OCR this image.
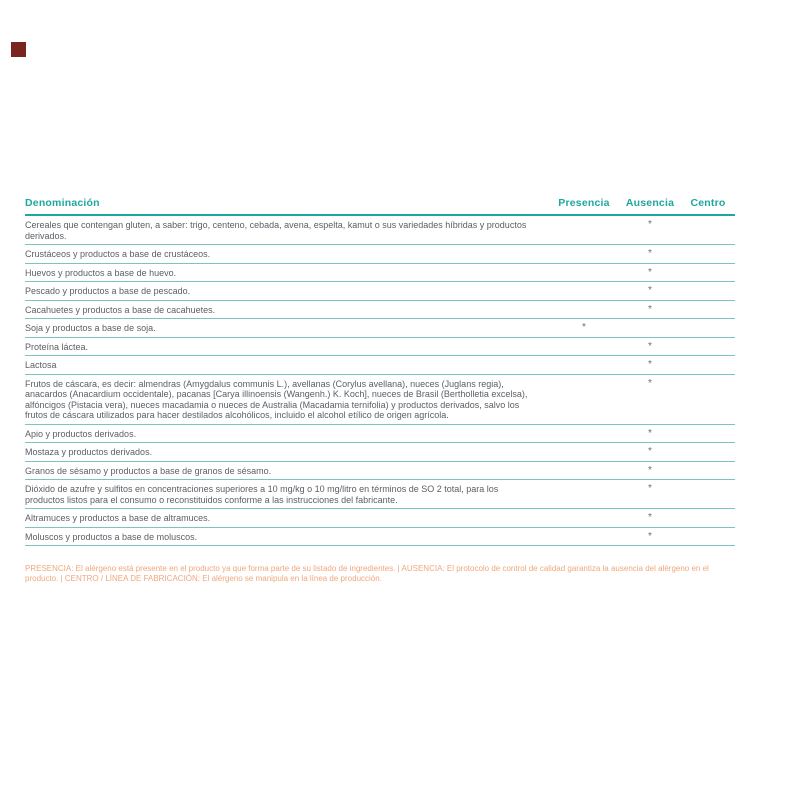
Denominación	Presencia	Ausencia	Centro
Cereales que contengan gluten, a saber: trigo, centeno, cebada, avena, espelta, kamut o sus variedades híbridas y productos derivados.		*	
Crustáceos y productos a base de crustáceos.		*	
Huevos y productos a base de huevo.		*	
Pescado y productos a base de pescado.		*	
Cacahuetes y productos a base de cacahuetes.		*	
Soja y productos a base de soja.	*		
Proteína láctea.		*	
Lactosa		*	
Frutos de cáscara, es decir: almendras (Amygdalus communis L.), avellanas (Corylus avellana), nueces (Juglans regia), anacardos (Anacardium occidentale), pacanas [Carya illinoensis (Wangenh.) K. Koch], nueces de Brasil (Bertholletia excelsa), alfóncigos (Pistacia vera), nueces macadamia o nueces de Australia (Macadamia ternifolia) y productos derivados, salvo los frutos de cáscara utilizados para hacer destilados alcohólicos, incluido el alcohol etílico de origen agrícola.		*	
Apio y productos derivados.		*	
Mostaza y productos derivados.		*	
Granos de sésamo y productos a base de granos de sésamo.		*	
Dióxido de azufre y sulfitos en concentraciones superiores a 10 mg/kg o 10 mg/litro en términos de SO 2 total, para los productos listos para el consumo o reconstituidos conforme a las instrucciones del fabricante.		*	
Altramuces y productos a base de altramuces.		*	
Moluscos y productos a base de moluscos.		*	

PRESENCIA: El alérgeno está presente en el producto ya que forma parte de su listado de ingredientes. | AUSENCIA: El protocolo de control de calidad garantiza la ausencia del alérgeno en el producto. | CENTRO / LÍNEA DE FABRICACIÓN: El alérgeno se manipula en la línea de producción.
